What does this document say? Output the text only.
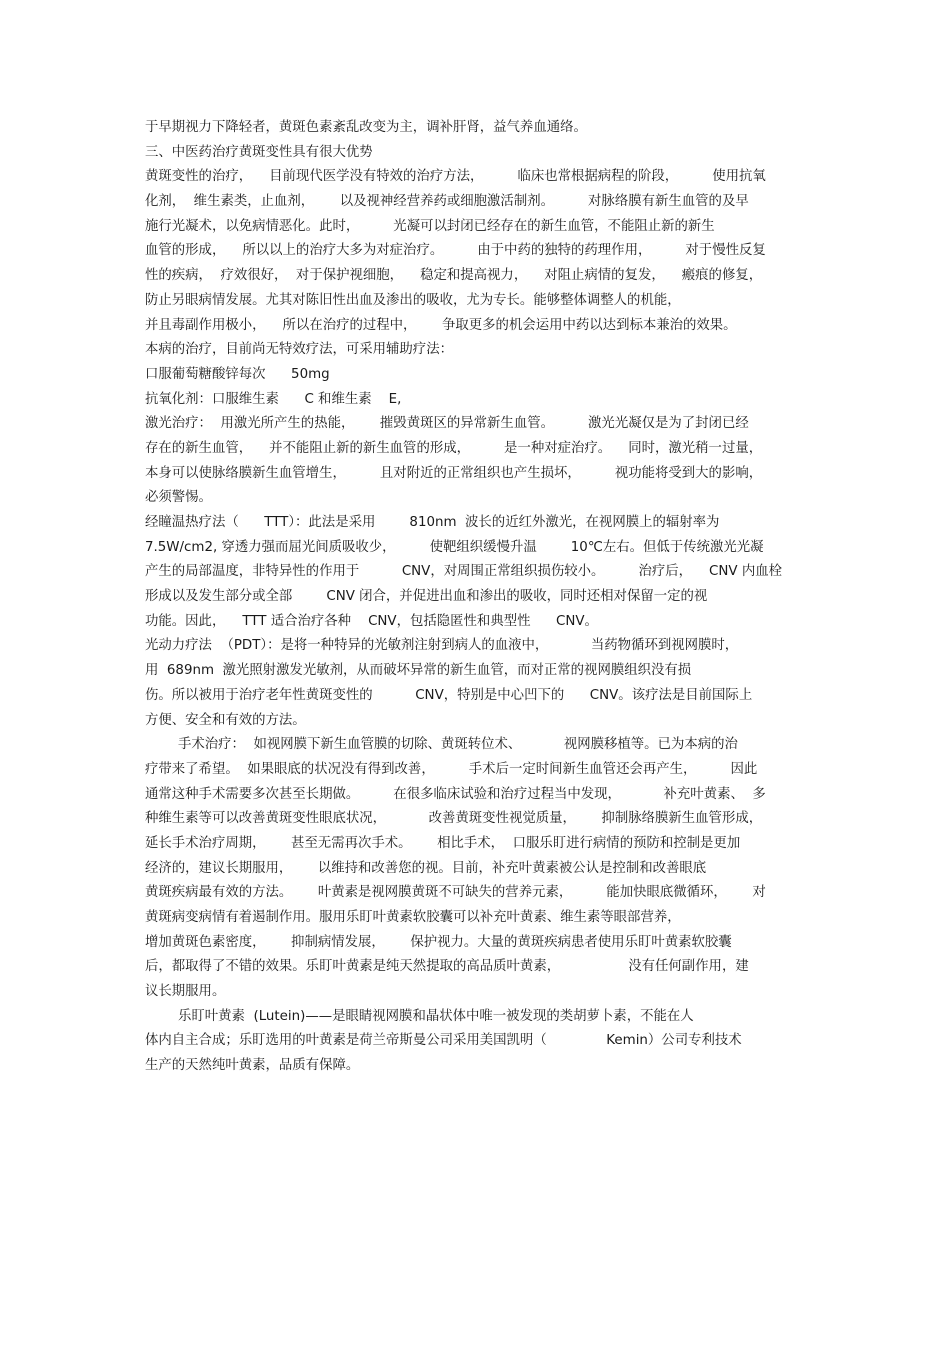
于早期视力下降轻者，黄斑色素紊乱改变为主，调补肝肾，益气养血通络。
三、中医药治疗黄斑变性具有很大优势
黄斑变性的治疗，    目前现代医学没有特效的治疗方法，        临床也常根据病程的阶段，        使用抗氧
化剂，  维生素类，止血剂，      以及视神经营养药或细胞激活制剂。        对脉络膜有新生血管的及早
施行光凝术，以免病情恶化。此时，        光凝可以封闭已经存在的新生血管，不能阻止新的新生
血管的形成，    所以以上的治疗大多为对症治疗。        由于中药的独特的药理作用，        对于慢性反复
性的疾病，  疗效很好，  对于保护视细胞，    稳定和提高视力，    对阻止病情的复发，    瘢痕的修复，
防止另眼病情发展。尤其对陈旧性出血及渗出的吸收，尤为专长。能够整体调整人的机能，
并且毒副作用极小，    所以在治疗的过程中，      争取更多的机会运用中药以达到标本兼治的效果。
本病的治疗，目前尚无特效疗法，可采用辅助疗法：
口服葡萄糖酸锌每次      50mg
抗氧化剂：口服维生素      C 和维生素    E,
激光治疗：  用激光所产生的热能，      摧毁黄斑区的异常新生血管。        激光光凝仅是为了封闭已经
存在的新生血管，    并不能阻止新的新生血管的形成，        是一种对症治疗。    同时，激光稍一过量，
本身可以使脉络膜新生血管增生，        且对附近的正常组织也产生损坏，        视功能将受到大的影响，
必须警惕。
经瞳温热疗法（      TTT）：此法是采用        810nm  波长的近红外激光，在视网膜上的辐射率为
7.5W/cm2, 穿透力强而屈光间质吸收少，        使靶组织缓慢升温        10℃左右。但低于传统激光光凝
产生的局部温度，非特异性的作用于          CNV，对周围正常组织损伤较小。        治疗后，    CNV 内血栓
形成以及发生部分或全部        CNV 闭合，并促进出血和渗出的吸收，同时还相对保留一定的视
功能。因此，    TTT 适合治疗各种    CNV，包括隐匿性和典型性      CNV。
光动力疗法  （PDT）：是将一种特异的光敏剂注射到病人的血液中，          当药物循环到视网膜时，
用  689nm  激光照射激发光敏剂，从而破坏异常的新生血管，而对正常的视网膜组织没有损
伤。所以被用于治疗老年性黄斑变性的          CNV，特别是中心凹下的      CNV。该疗法是目前国际上
方便、安全和有效的方法。
手术治疗：  如视网膜下新生血管膜的切除、黄斑转位术、          视网膜移植等。已为本病的治
疗带来了希望。  如果眼底的状况没有得到改善，        手术后一定时间新生血管还会再产生，        因此
通常这种手术需要多次甚至长期做。        在很多临床试验和治疗过程当中发现，          补充叶黄素、  多
种维生素等可以改善黄斑变性眼底状况，          改善黄斑变性视觉质量，      抑制脉络膜新生血管形成，
延长手术治疗周期，      甚至无需再次手术。      相比手术，  口服乐盯进行病情的预防和控制是更加
经济的，建议长期服用，      以维持和改善您的视。目前，补充叶黄素被公认是控制和改善眼底
黄斑疾病最有效的方法。      叶黄素是视网膜黄斑不可缺失的营养元素，        能加快眼底微循环，      对
黄斑病变病情有着遏制作用。服用乐盯叶黄素软胶囊可以补充叶黄素、维生素等眼部营养，
增加黄斑色素密度，      抑制病情发展，      保护视力。大量的黄斑疾病患者使用乐盯叶黄素软胶囊
后，都取得了不错的效果。乐盯叶黄素是纯天然提取的高品质叶黄素，                没有任何副作用，建
议长期服用。
乐盯叶黄素  (Lutein)——是眼睛视网膜和晶状体中唯一被发现的类胡萝卜素，不能在人
体内自主合成；乐盯选用的叶黄素是荷兰帝斯曼公司采用美国凯明（              Kemin）公司专利技术
生产的天然纯叶黄素，品质有保障。
